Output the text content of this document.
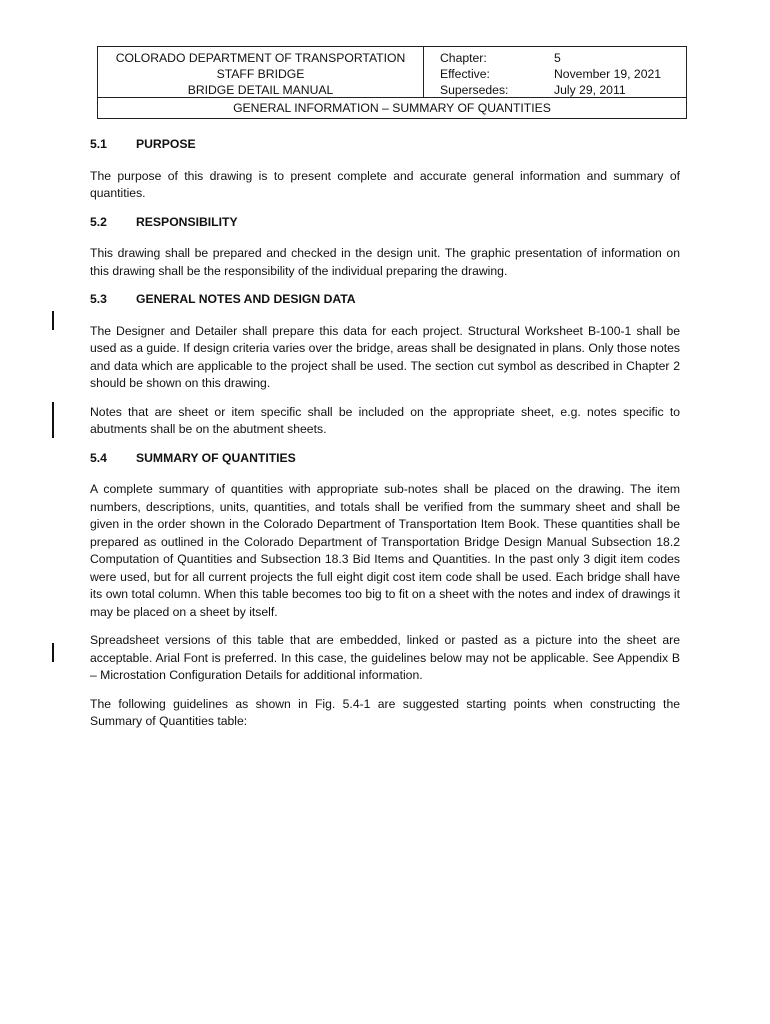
COLORADO DEPARTMENT OF TRANSPORTATION
STAFF BRIDGE
BRIDGE DETAIL MANUAL
Chapter:	5
Effective:	November 19, 2021
Supersedes:	July 29, 2011
GENERAL INFORMATION – SUMMARY OF QUANTITIES
5.1	PURPOSE

The purpose of this drawing is to present complete and accurate general information and summary of quantities.

5.2	RESPONSIBILITY

This drawing shall be prepared and checked in the design unit. The graphic presentation of information on this drawing shall be the responsibility of the individual preparing the drawing.

5.3	GENERAL NOTES AND DESIGN DATA

The Designer and Detailer shall prepare this data for each project. Structural Worksheet B-100-1 shall be used as a guide. If design criteria varies over the bridge, areas shall be designated in plans. Only those notes and data which are applicable to the project shall be used. The section cut symbol as described in Chapter 2 should be shown on this drawing.

Notes that are sheet or item specific shall be included on the appropriate sheet, e.g. notes specific to abutments shall be on the abutment sheets.

5.4	SUMMARY OF QUANTITIES

A complete summary of quantities with appropriate sub-notes shall be placed on the drawing. The item numbers, descriptions, units, quantities, and totals shall be verified from the summary sheet and shall be given in the order shown in the Colorado Department of Transportation Item Book. These quantities shall be prepared as outlined in the Colorado Department of Transportation Bridge Design Manual Subsection 18.2 Computation of Quantities and Subsection 18.3 Bid Items and Quantities. In the past only 3 digit item codes were used, but for all current projects the full eight digit cost item code shall be used. Each bridge shall have its own total column. When this table becomes too big to fit on a sheet with the notes and index of drawings it may be placed on a sheet by itself.

Spreadsheet versions of this table that are embedded, linked or pasted as a picture into the sheet are acceptable. Arial Font is preferred. In this case, the guidelines below may not be applicable. See Appendix B – Microstation Configuration Details for additional information.

The following guidelines as shown in Fig. 5.4-1 are suggested starting points when constructing the Summary of Quantities table:
